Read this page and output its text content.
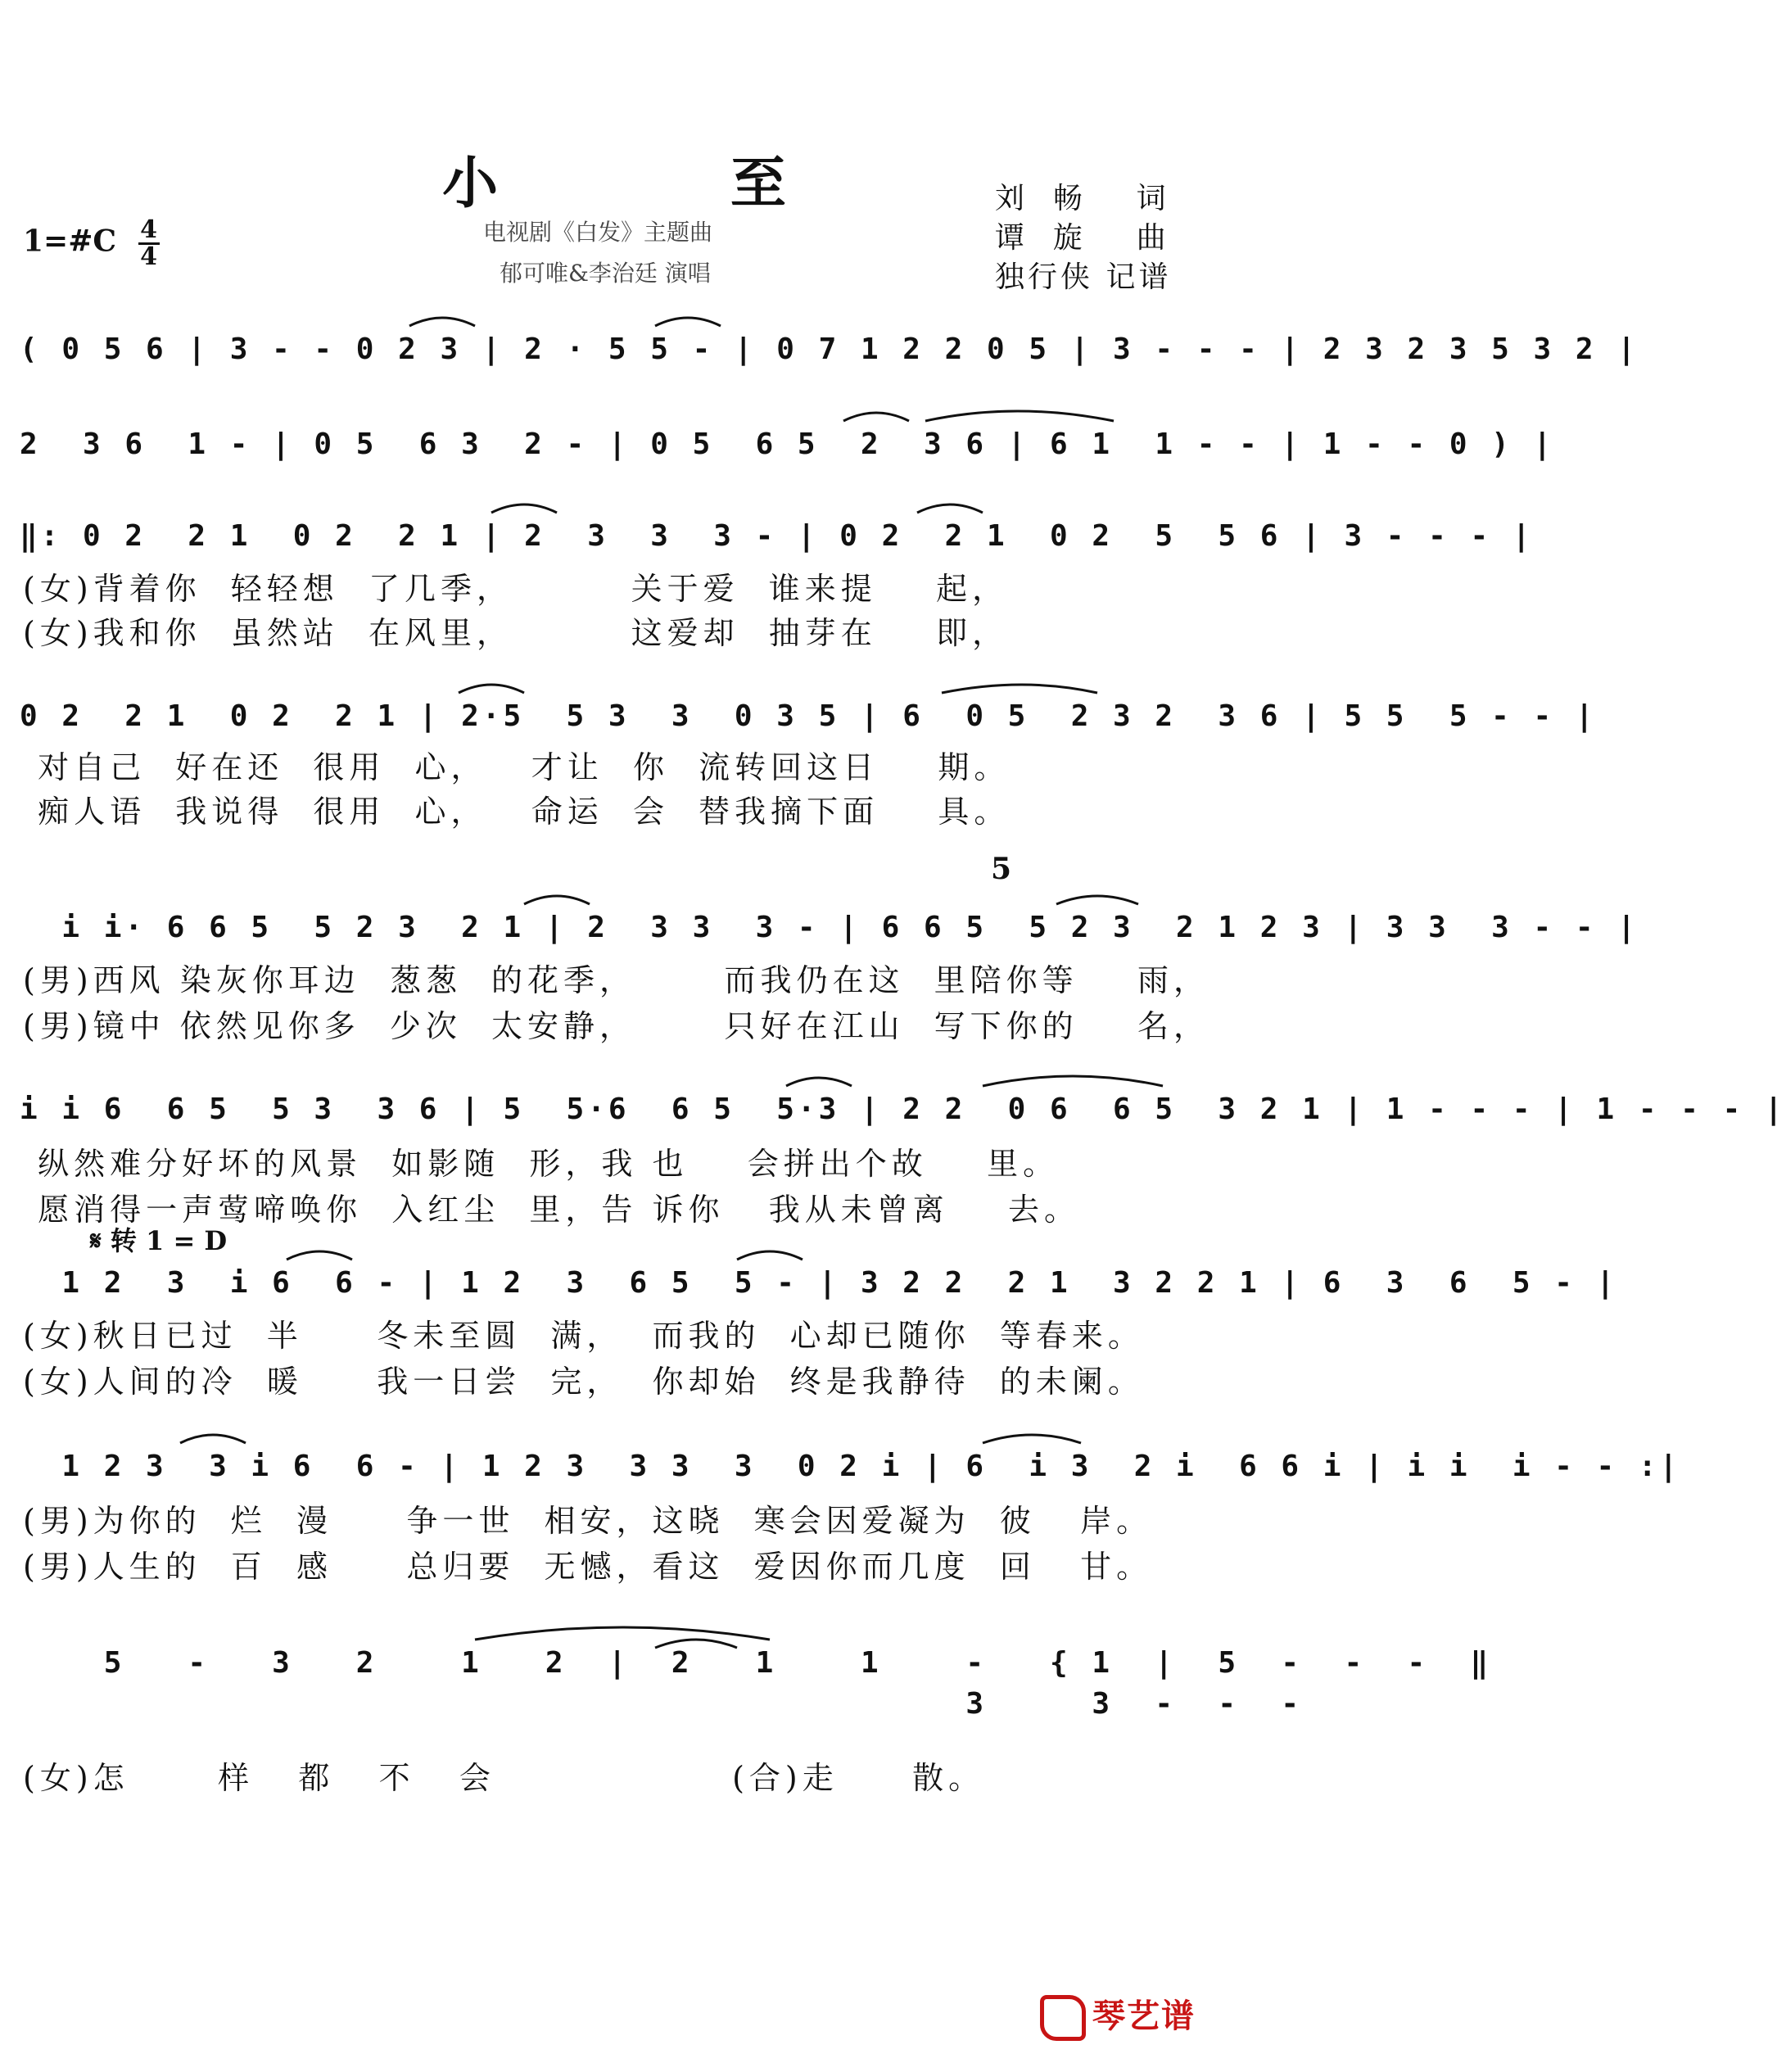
小 至
1=#C $\frac{4}{4}$	电视剧《白发》主题曲
郁可唯&李治廷 演唱
刘  畅    词
谭  旋    曲
独行侠 记谱
( 0 5 6 | 3 - - 0 2 3 | 2 · 5 5 - | 0 7 1 2 2 0 5 | 3 - - - | 2 3 2 3 5 3 2 |
2  3 6  1 - | 0 5  6 3  2 - | 0 5  6 5  2  3 6 | 6 1  1 - - | 1 - - 0 ) |
‖: 0 2  2 1  0 2  2 1 | 2  3  3  3 - | 0 2  2 1  0 2  5  5 6 | 3 - - - |
(女)背着你  轻轻想  了几季，        关于爱  谁来提    起，
(女)我和你  虽然站  在风里，        这爱却  抽芽在    即，
0 2  2 1  0 2  2 1 | 2·5  5 3  3  0 3 5 | 6  0 5  2 3 2  3 6 | 5 5  5 - - |
对自己  好在还  很用  心，   才让  你  流转回这日    期。
痴人语  我说得  很用  心，   命运  会  替我摘下面    具。
5
i i· 6 6 5  5 2 3  2 1 | 2  3 3  3 - | 6 6 5  5 2 3  2 1 2 3 | 3 3  3 - - |
(男)西风 染灰你耳边  葱葱  的花季，      而我仍在这  里陪你等    雨，
(男)镜中 依然见你多  少次  太安静，      只好在江山  写下你的    名，
i i 6  6 5  5 3  3 6 | 5  5·6  6 5  5·3 | 2 2  0 6  6 5  3 2 1 | 1 - - - | 1 - - - |
纵然难分好坏的风景  如影随  形，我 也    会拼出个故    里。
愿消得一声莺啼唤你  入红尘  里，告 诉你   我从未曾离    去。
𝄋 转 1 = D
1 2  3  i 6  6 - | 1 2  3  6 5  5 - | 3 2 2  2 1  3 2 2 1 | 6  3  6  5 - |
(女)秋日已过  半     冬未至圆  满，  而我的  心却已随你  等春来。
(女)人间的冷  暖     我一日尝  完，  你却始  终是我静待  的未阑。
1 2 3  3 i 6  6 - | 1 2 3  3 3  3  0 2 i | 6  i 3  2 i  6 6 i | i i  i - - :|
(男)为你的  烂  漫     争一世  相安，这晓  寒会因爱凝为  彼   岸。
(男)人生的  百  感     总归要  无憾，看这  爱因你而几度  回   甘。
5   -   3   2    1   2  |  2   1    1    -   { 1  |  5  -  -  -  ‖
3     3  -  -  -
(女)怎      样   都   不   会                (合)走     散。
琴艺谱
